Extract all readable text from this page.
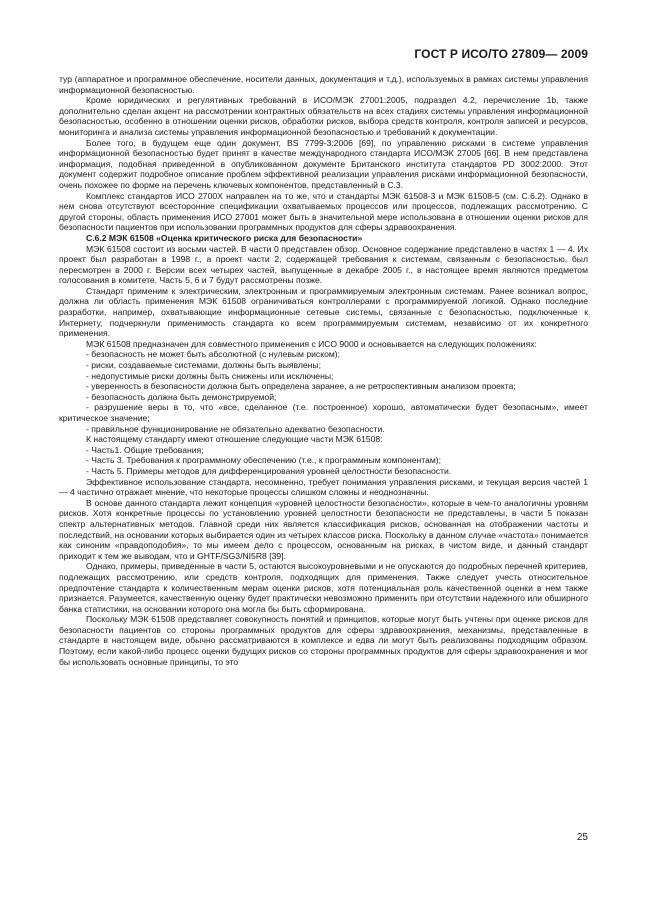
ГОСТ Р ИСО/ТО 27809— 2009

тур (аппаратное и программное обеспечение, носители данных, документация и т.д.), используемых в рамках системы управления информационной безопасностью.

Кроме юридических и регулятивных требований в ИСО/МЭК 27001:2005, подраздел 4.2, перечисление 1b, также дополнительно сделан акцент на рассмотрении контрактных обязательств на всех стадиях системы управления информационной безопасностью, особенно в отношении оценки рисков, обработки рисков, выбора средств контроля, контроля записей и ресурсов, мониторинга и анализа системы управления информационной безопасностью и требований к документации.

Более того, в будущем еще один документ, BS 7799-3:2006 [69], по управлению рисками в системе управления информационной безопасностью будет принят в качестве международного стандарта ИСО/МЭК 27005 [66]. В нем представлена информация, подобная приведенной в опубликованном документе Британского института стандартов PD 3002:2000. Этот документ содержит подробное описание проблем эффективной реализации управления рисками информационной безопасности, очень похожее по форме на перечень ключевых компонентов, представленный в С.3.

Комплекс стандартов ИСО 2700X направлен на то же, что и стандарты МЭК 61508-3 и МЭК 61508-5 (см. С.6.2). Однако в нем снова отсутствуют всесторонние спецификации охватываемых процессов или процессов, подлежащих рассмотрению. С другой стороны, область применения ИСО 27001 может быть в значительной мере использована в отношении оценки рисков для безопасности пациентов при использовании программных продуктов для сферы здравоохранения.

С.6.2 МЭК 61508 «Оценка критического риска для безопасности»

МЭК 61508 состоит из восьми частей. В части 0 представлен обзор. Основное содержание представлено в частях 1 — 4. Их проект был разработан в 1998 г., а проект части 2, содержащей требования к системам, связанным с безопасностью, был пересмотрен в 2000 г. Версии всех четырех частей, выпущенные в декабре 2005 г., в настоящее время являются предметом голосования в комитете. Часть 5, 6 и 7 будут рассмотрены позже.

Стандарт применим к электрическим, электронным и программируемым электронным системам. Ранее возникал вопрос, должна ли область применения МЭК 61508 ограничиваться контроллерами с программируемой логикой. Однако последние разработки, например, охватывающие информационные сетевые системы, связанные с безопасностью, подключенные к Интернету, подчеркнули применимость стандарта ко всем программируемым системам, независимо от их конкретного применения.

МЭК 61508 предназначен для совместного применения с ИСО 9000 и основывается на следующих положениях:

- безопасность не может быть абсолютной (с нулевым риском);

- риски, создаваемые системами, должны быть выявлены;

- недопустимые риски должны быть снижены или исключены;

- уверенность в безопасности должна быть определена заранее, а не ретроспективным анализом проекта;

- безопасность должна быть демонстрируемой;

- разрушение веры в то, что «все, сделанное (т.е. построенное) хорошо, автоматически будет безопасным», имеет критическое значение;

- правильное функционирование не обязательно адекватно безопасности.

К настоящему стандарту имеют отношение следующие части МЭК 61508:

- Часть1. Общие требования;

- Часть 3. Требования к программному обеспечению (т.е., к программным компонентам);

- Часть 5. Примеры методов для дифференцирования уровней целостности безопасности.

Эффективное использование стандарта, несомненно, требует понимания управления рисками, и текущая версия частей 1 — 4 частично отражает мнение, что некоторые процессы слишком сложны и неоднозначны.

В основе данного стандарта лежит концепция «уровней целостности безопасности», которые в чем-то аналогичны уровням рисков. Хотя конкретные процессы по установлению уровней целостности безопасности не представлены, в части 5 показан спектр альтернативных методов. Главной среди них является классификация рисков, основанная на отображении частоты и последствий, на основании которых выбирается один из четырех классов риска. Поскольку в данном случае «частота» понимается как синоним «правдоподобия», то мы имеем дело с процессом, основанным на рисках, в чистом виде, и данный стандарт приходит к тем же выводам, что и GHTF/SG3/NI5R8 [39].

Однако, примеры, приведенные в части 5, остаются высокоуровневыми и не опускаются до подробных перечней критериев, подлежащих рассмотрению, или средств контроля, подходящих для применения. Также следует учесть относительное предпочтение стандарта к количественным мерам оценки рисков, хотя потенциальная роль качественной оценки в нем также признается. Разумеется, качественную оценку будет практически невозможно применить при отсутствии надежного или обширного банка статистики, на основании которого она могла бы быть сформирована.

Поскольку МЭК 61508 представляет совокупность понятий и принципов, которые могут быть учтены при оценке рисков для безопасности пациентов со стороны программных продуктов для сферы здравоохранения, механизмы, представленные в стандарте в настоящем виде, обычно рассматриваются в комплексе и едва ли могут быть реализованы подходящим образом. Поэтому, если какой-либо процесс оценки будущих рисков со стороны программных продуктов для сферы здравоохранения и мог бы использовать основные принципы, то это

25
